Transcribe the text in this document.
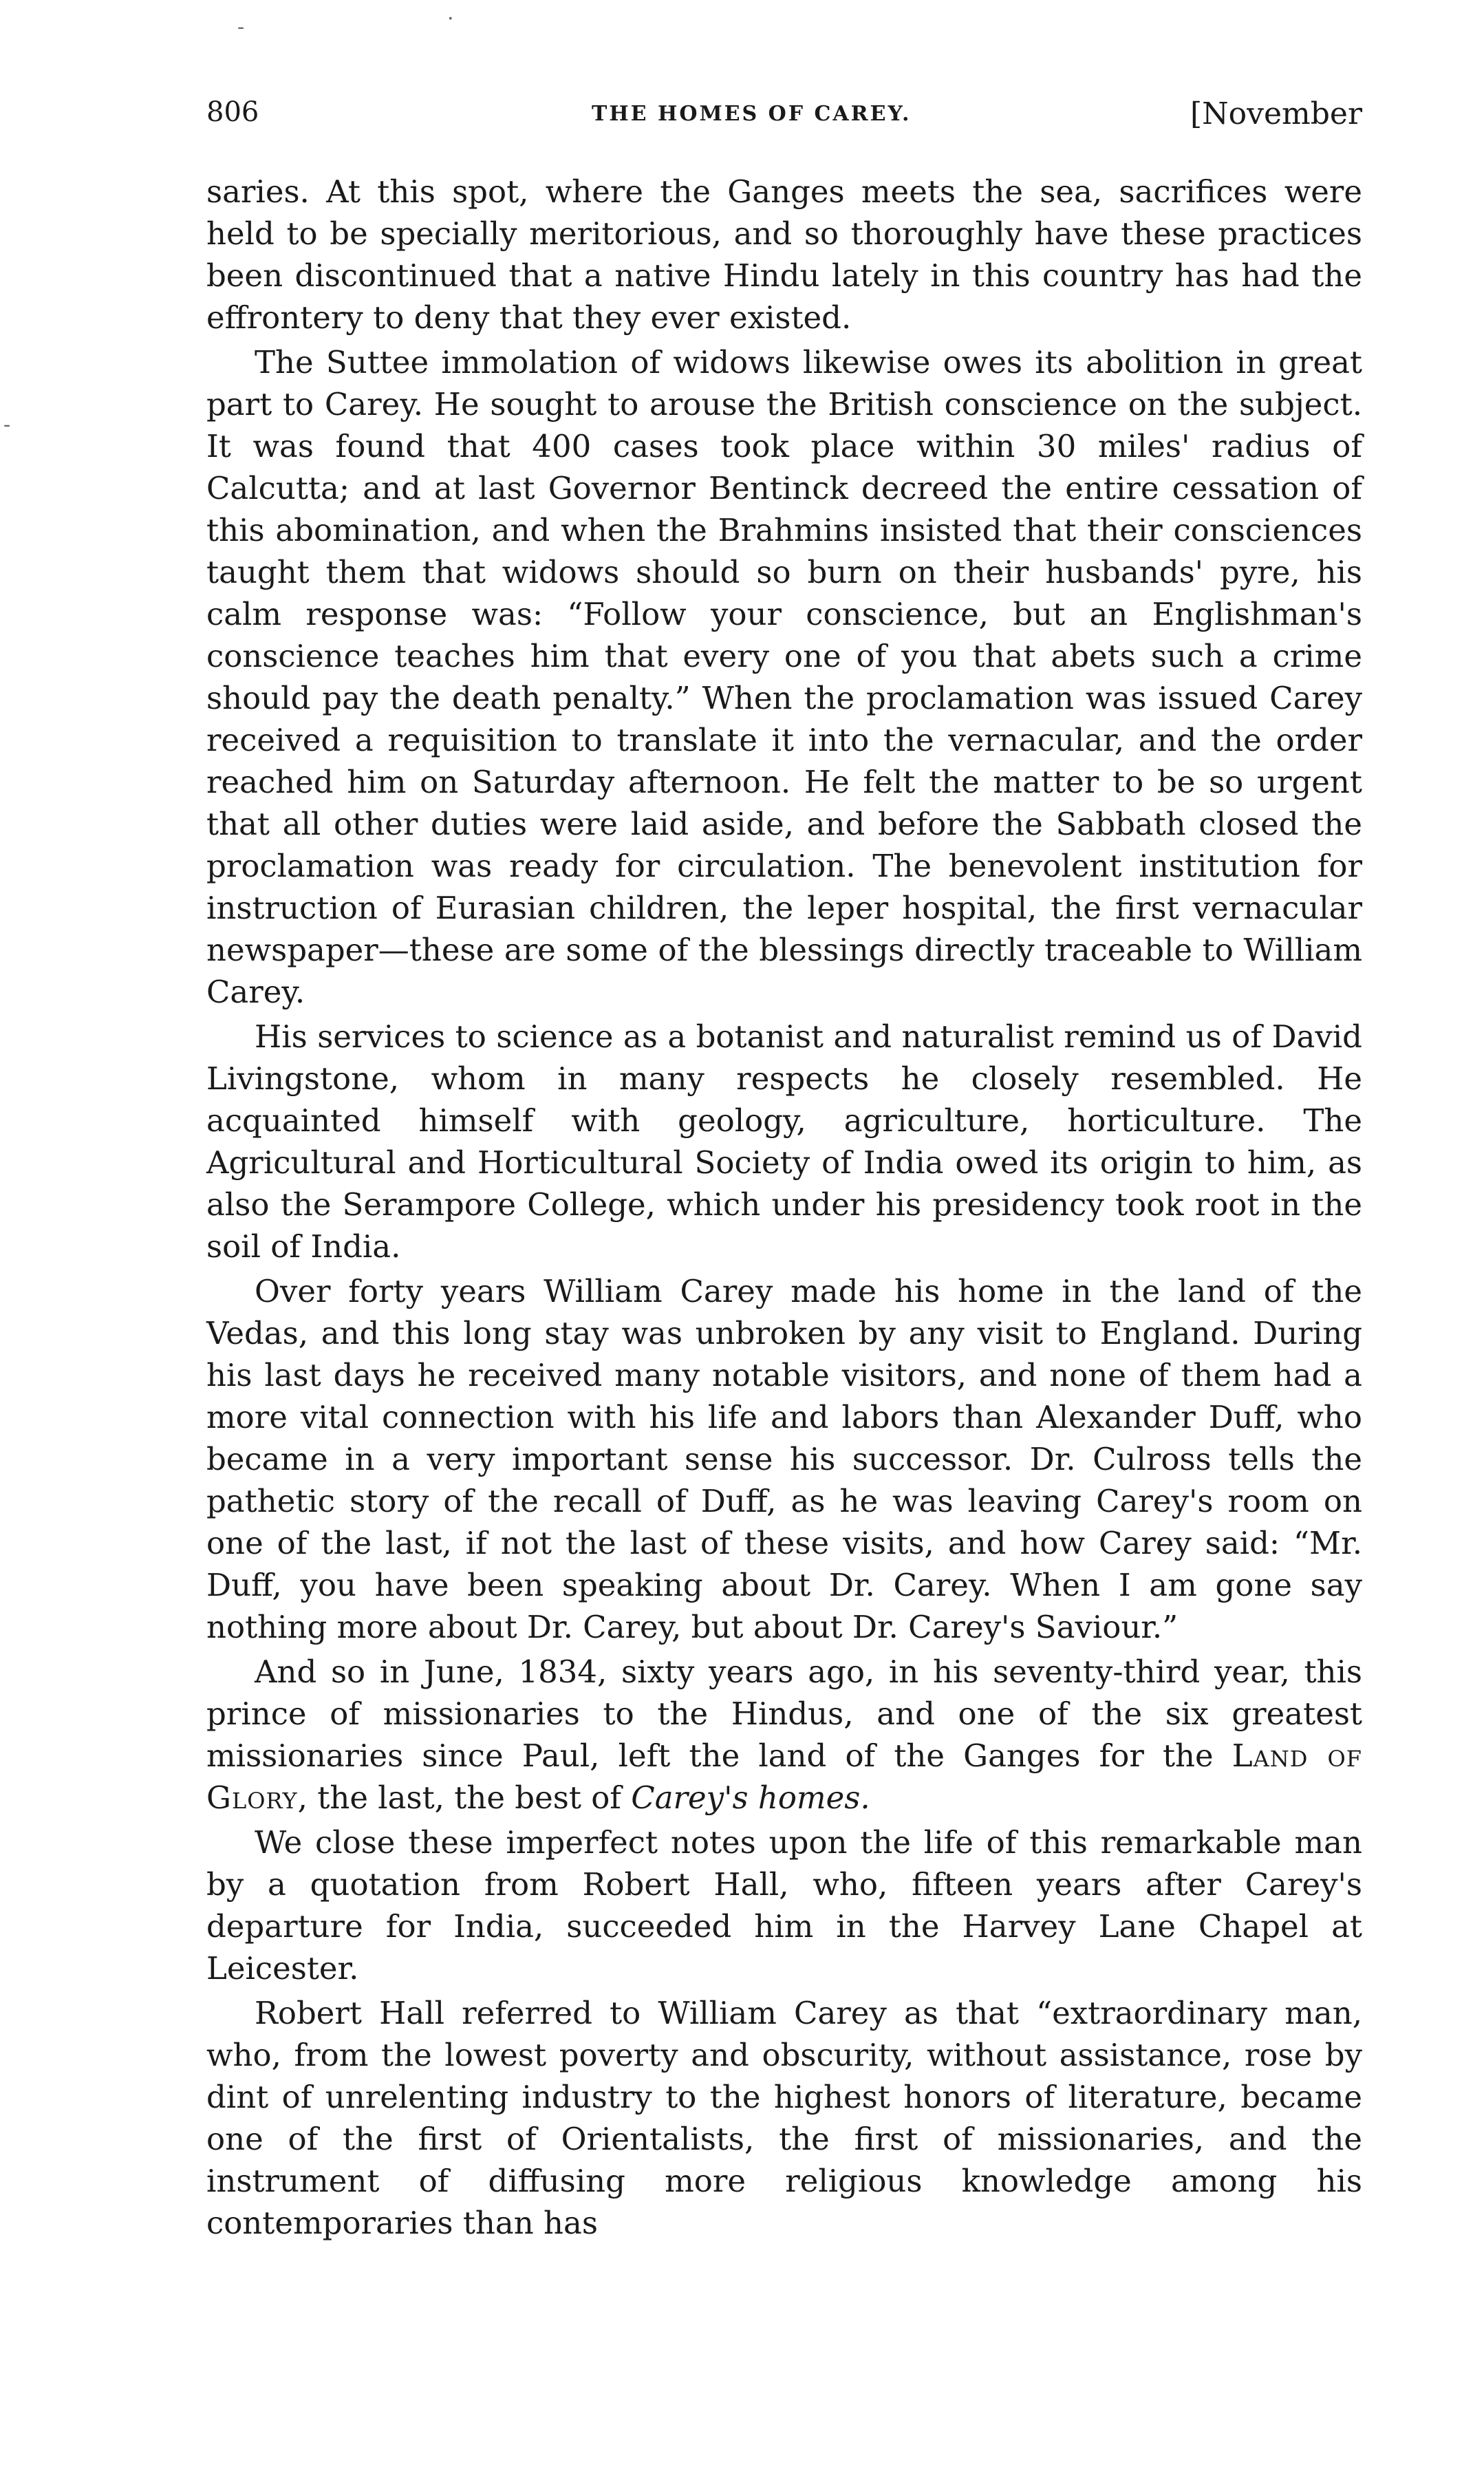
806	THE HOMES OF CAREY.	[November

saries. At this spot, where the Ganges meets the sea, sacrifices were held to be specially meritorious, and so thoroughly have these practices been discontinued that a native Hindu lately in this country has had the effrontery to deny that they ever existed.

The Suttee immolation of widows likewise owes its abolition in great part to Carey. He sought to arouse the British conscience on the subject. It was found that 400 cases took place within 30 miles' radius of Calcutta; and at last Governor Bentinck decreed the entire cessation of this abomination, and when the Brahmins insisted that their consciences taught them that widows should so burn on their husbands' pyre, his calm response was: “Follow your conscience, but an Englishman's conscience teaches him that every one of you that abets such a crime should pay the death penalty.” When the proclamation was issued Carey received a requisition to translate it into the vernacular, and the order reached him on Saturday afternoon. He felt the matter to be so urgent that all other duties were laid aside, and before the Sabbath closed the proclamation was ready for circulation. The benevolent institution for instruction of Eurasian children, the leper hospital, the first vernacular newspaper—these are some of the blessings directly traceable to William Carey.

His services to science as a botanist and naturalist remind us of David Livingstone, whom in many respects he closely resembled. He acquainted himself with geology, agriculture, horticulture. The Agricultural and Horticultural Society of India owed its origin to him, as also the Serampore College, which under his presidency took root in the soil of India.

Over forty years William Carey made his home in the land of the Vedas, and this long stay was unbroken by any visit to England. During his last days he received many notable visitors, and none of them had a more vital connection with his life and labors than Alexander Duff, who became in a very important sense his successor. Dr. Culross tells the pathetic story of the recall of Duff, as he was leaving Carey's room on one of the last, if not the last of these visits, and how Carey said: “Mr. Duff, you have been speaking about Dr. Carey. When I am gone say nothing more about Dr. Carey, but about Dr. Carey's Saviour.”

And so in June, 1834, sixty years ago, in his seventy-third year, this prince of missionaries to the Hindus, and one of the six greatest missionaries since Paul, left the land of the Ganges for the Land of Glory, the last, the best of Carey's homes.

We close these imperfect notes upon the life of this remarkable man by a quotation from Robert Hall, who, fifteen years after Carey's departure for India, succeeded him in the Harvey Lane Chapel at Leicester.

Robert Hall referred to William Carey as that “extraordinary man, who, from the lowest poverty and obscurity, without assistance, rose by dint of unrelenting industry to the highest honors of literature, became one of the first of Orientalists, the first of missionaries, and the instrument of diffusing more religious knowledge among his contemporaries than has

-	·
-
